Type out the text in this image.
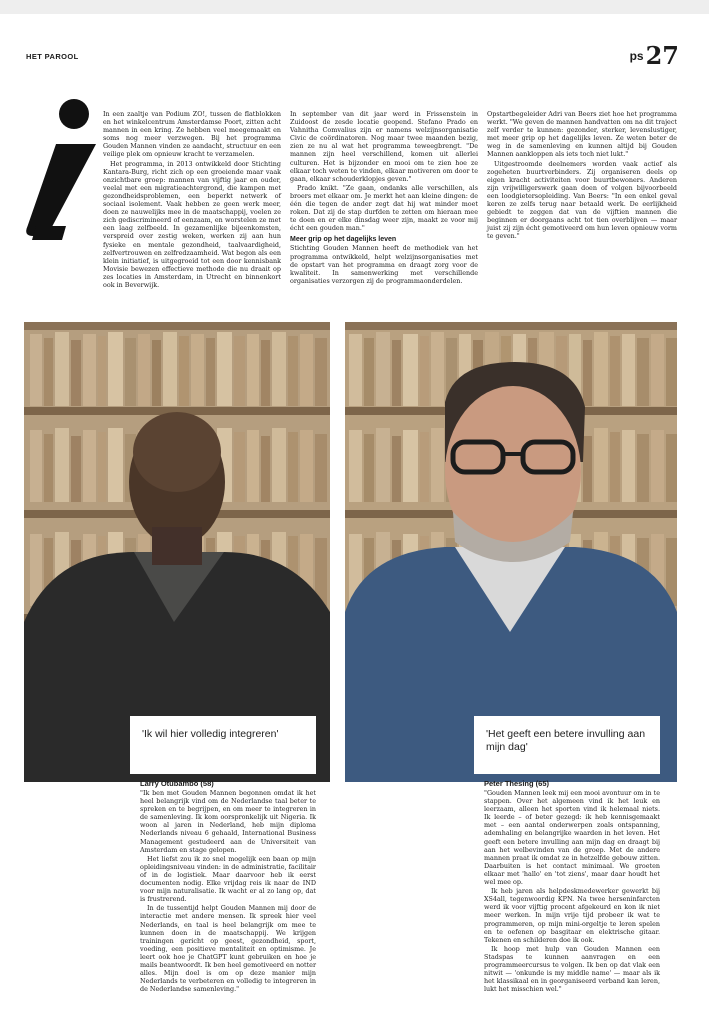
HET PAROOL	ps27

In een zaaltje van Podium ZO!, tussen de flatblokken en het winkelcentrum Amsterdamse Poort, zitten acht mannen in een kring. Ze hebben veel meegemaakt en soms nog meer verzwegen. Bij het programma Gouden Mannen vinden ze aandacht, structuur en een veilige plek om opnieuw kracht te verzamelen.

Het programma, in 2013 ontwikkeld door Stichting Kantara-Burg, richt zich op een groeiende maar vaak onzichtbare groep: mannen van vijftig jaar en ouder, veelal met een migratieachtergrond, die kampen met gezondheidsproblemen, een beperkt netwerk of sociaal isolement. Vaak hebben ze geen werk meer, doen ze nauwelijks mee in de maatschappij, voelen ze zich gediscrimineerd of eenzaam, en worstelen ze met een laag zelfbeeld. In gezamenlijke bijeenkomsten, verspreid over zestig weken, werken zij aan hun fysieke en mentale gezondheid, taalvaardigheid, zelfvertrouwen en zelfredzaamheid. Wat begon als een klein initiatief, is uitgegroeid tot een door kennisbank Movisie bewezen effectieve methode die nu draait op zes locaties in Amsterdam, in Utrecht en binnenkort ook in Beverwijk.

In september van dit jaar werd in Frissenstein in Zuidoost de zesde locatie geopend. Stefano Prado en Vahnitha Comvalius zijn er namens welzijnsorganisatie Civic de coördinatoren. Nog maar twee maanden bezig, zien ze nu al wat het programma teweegbrengt. "De mannen zijn heel verschillend, komen uit allerlei culturen. Het is bijzonder en mooi om te zien hoe ze elkaar toch weten te vinden, elkaar motiveren om door te gaan, elkaar schouderklopjes geven."

Prado knikt. "Ze gaan, ondanks alle verschillen, als broers met elkaar om. Je merkt het aan kleine dingen: de één die tegen de ander zegt dat hij wat minder moet roken. Dat zij de stap durfden te zetten om hieraan mee te doen en er elke dinsdag weer zijn, maakt ze voor mij écht een gouden man."

Meer grip op het dagelijks leven

Stichting Gouden Mannen heeft de methodiek van het programma ontwikkeld, helpt welzijnsorganisaties met de opstart van het programma en draagt zorg voor de kwaliteit. In samenwerking met verschillende organisaties verzorgen zij de programmaonderdelen.

Opstartbegeleider Adri van Beers ziet hoe het programma werkt. "We geven de mannen handvatten om na dit traject zelf verder te kunnen: gezonder, sterker, levenslustiger, met meer grip op het dagelijks leven. Ze weten beter de weg in de samenleving en kunnen altijd bij Gouden Mannen aankloppen als iets toch niet lukt."

Uitgestroomde deelnemers worden vaak actief als zogeheten buurtverbinders. Zij organiseren deels op eigen kracht activiteiten voor buurtbewoners. Anderen zijn vrijwilligerswerk gaan doen of volgen bijvoorbeeld een loodgietersopleiding. Van Beers: "In een enkel geval keren ze zelfs terug naar betaald werk. De eerlijkheid gebiedt te zeggen dat van de vijftien mannen die beginnen er doorgaans acht tot tien overblijven — maar juist zij zijn écht gemotiveerd om hun leven opnieuw vorm te geven."

'Ik wil hier volledig integreren'

Larry Otubambo (58)

"Ik ben met Gouden Mannen begonnen omdat ik het heel belangrijk vind om de Nederlandse taal beter te spreken en te begrijpen, en om meer te integreren in de samenleving. Ik kom oorspronkelijk uit Nigeria. Ik woon al jaren in Nederland, heb mijn diploma Nederlands niveau 6 gehaald, International Business Management gestudeerd aan de Universiteit van Amsterdam en stage gelopen.

Het liefst zou ik zo snel mogelijk een baan op mijn opleidingsniveau vinden: in de administratie, facilitair of in de logistiek. Maar daarvoor heb ik eerst documenten nodig. Elke vrijdag reis ik naar de IND voor mijn naturalisatie. Ik wacht er al zo lang op, dat is frustrerend.

In de tussentijd helpt Gouden Mannen mij door de interactie met andere mensen. Ik spreek hier veel Nederlands, en taal is heel belangrijk om mee te kunnen doen in de maatschappij. We krijgen trainingen gericht op geest, gezondheid, sport, voeding, een positieve mentaliteit en optimisme. Je leert ook hoe je ChatGPT kunt gebruiken en hoe je mails beantwoordt. Ik ben heel gemotiveerd en notter alles. Mijn doel is om op deze manier mijn Nederlands te verbeteren en volledig te integreren in de Nederlandse samenleving."

'Het geeft een betere invulling aan mijn dag'

Peter Thesing (65)

"Gouden Mannen leek mij een mooi avontuur om in te stappen. Over het algemeen vind ik het leuk en leerzaam, alleen het sporten vind ik helemaal niets. Ik leerde – of beter gezegd: ik heb kennisgemaakt met – een aantal onderwerpen zoals ontspanning, ademhaling en belangrijke waarden in het leven. Het geeft een betere invulling aan mijn dag en draagt bij aan het welbevinden van de groep. Met de andere mannen praat ik omdat ze in hetzelfde gebouw zitten. Daarbuiten is het contact minimaal. We groeten elkaar met 'hallo' en 'tot ziens', maar daar houdt het wel mee op.

Ik heb jaren als helpdeskmedewerker gewerkt bij XS4all, tegenwoordig KPN. Na twee herseninfarcten werd ik voor vijftig procent afgekeurd en kon ik niet meer werken. In mijn vrije tijd probeer ik wat te programmeren, op mijn mini-orgeltje te leren spelen en te oefenen op basgitaar en elektrische gitaar. Tekenen en schilderen doe ik ook.

Ik hoop met hulp van Gouden Mannen een Stadspas te kunnen aanvragen en een programmeercursus te volgen. Ik ben op dat vlak een nitwit — 'onkunde is my middle name' — maar als ik het klassikaal en in georganiseerd verband kan leren, lukt het misschien wel."
